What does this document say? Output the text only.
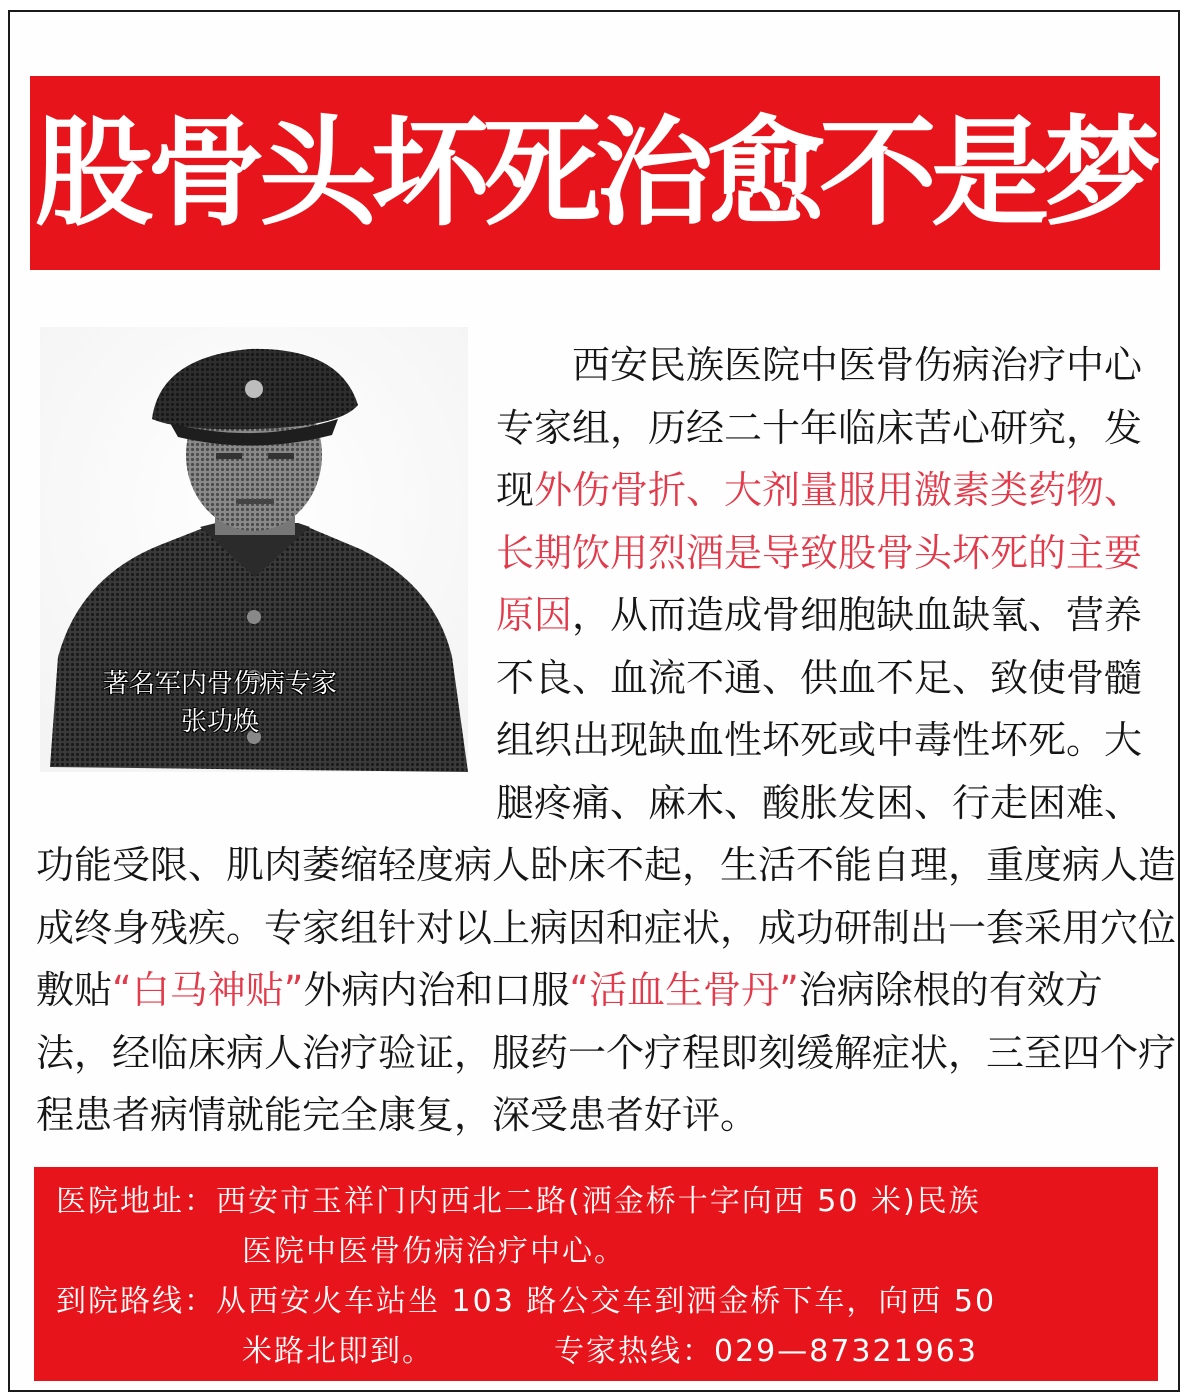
股骨头坏死治愈不是梦
著名军内骨伤病专家
张功焕

西安民族医院中医骨伤病治疗中心专家组，历经二十年临床苦心研究，发现外伤骨折、大剂量服用激素类药物、长期饮用烈酒是导致股骨头坏死的主要原因，从而造成骨细胞缺血缺氧、营养不良、血流不通、供血不足、致使骨髓组织出现缺血性坏死或中毒性坏死。大腿疼痛、麻木、酸胀发困、行走困难、功能受限、肌肉萎缩轻度病人卧床不起，生活不能自理，重度病人造成终身残疾。专家组针对以上病因和症状，成功研制出一套采用穴位敷贴“白马神贴”外病内治和口服“活血生骨丹”治病除根的有效方法，经临床病人治疗验证，服药一个疗程即刻缓解症状，三至四个疗程患者病情就能完全康复，深受患者好评。

医院地址：西安市玉祥门内西北二路(洒金桥十字向西 50 米)民族
医院中医骨伤病治疗中心。
到院路线：从西安火车站坐 103 路公交车到洒金桥下车，向西 50
米路北即到。	专家热线：029—87321963
